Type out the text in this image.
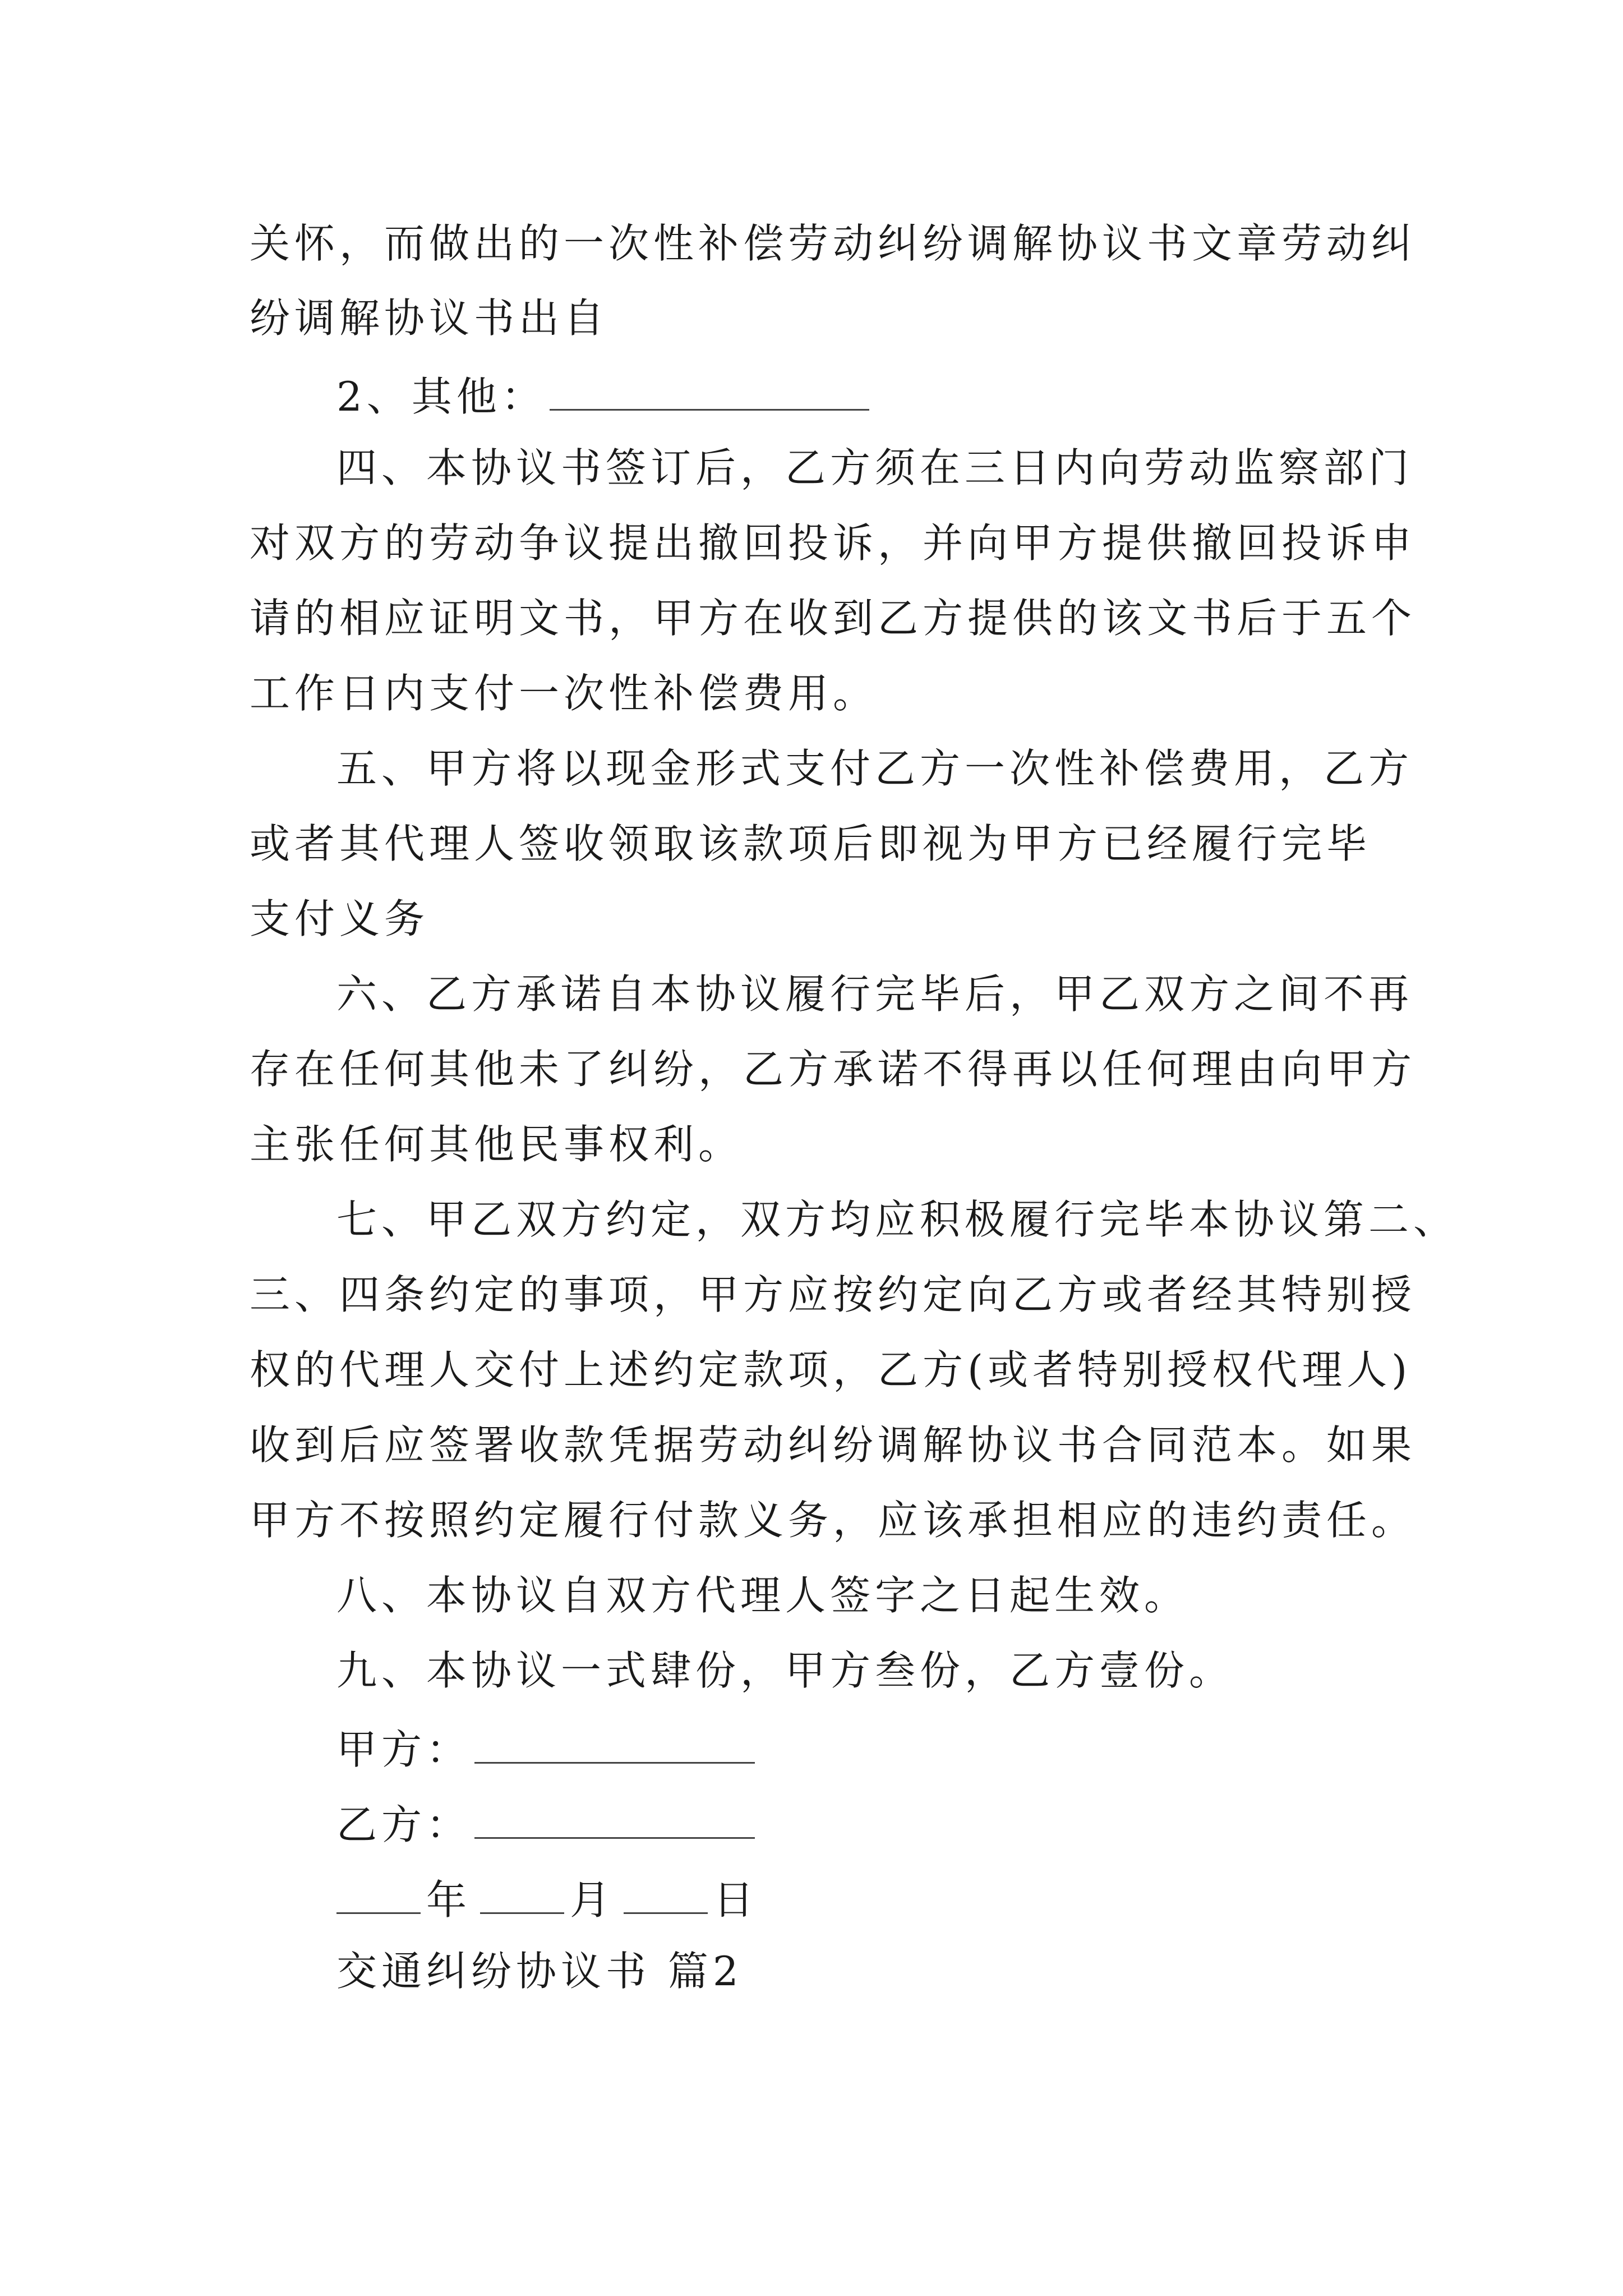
关怀，而做出的一次性补偿劳动纠纷调解协议书文章劳动纠
纷调解协议书出自
2、其他：
四、本协议书签订后，乙方须在三日内向劳动监察部门
对双方的劳动争议提出撤回投诉，并向甲方提供撤回投诉申
请的相应证明文书，甲方在收到乙方提供的该文书后于五个
工作日内支付一次性补偿费用。
五、甲方将以现金形式支付乙方一次性补偿费用，乙方
或者其代理人签收领取该款项后即视为甲方已经履行完毕
支付义务
六、乙方承诺自本协议履行完毕后，甲乙双方之间不再
存在任何其他未了纠纷，乙方承诺不得再以任何理由向甲方
主张任何其他民事权利。
七、甲乙双方约定，双方均应积极履行完毕本协议第二、
三、四条约定的事项，甲方应按约定向乙方或者经其特别授
权的代理人交付上述约定款项，乙方(或者特别授权代理人)
收到后应签署收款凭据劳动纠纷调解协议书合同范本。如果
甲方不按照约定履行付款义务，应该承担相应的违约责任。
八、本协议自双方代理人签字之日起生效。
九、本协议一式肆份，甲方叁份，乙方壹份。
甲方：
乙方：
年 月 日
交通纠纷协议书 篇2
